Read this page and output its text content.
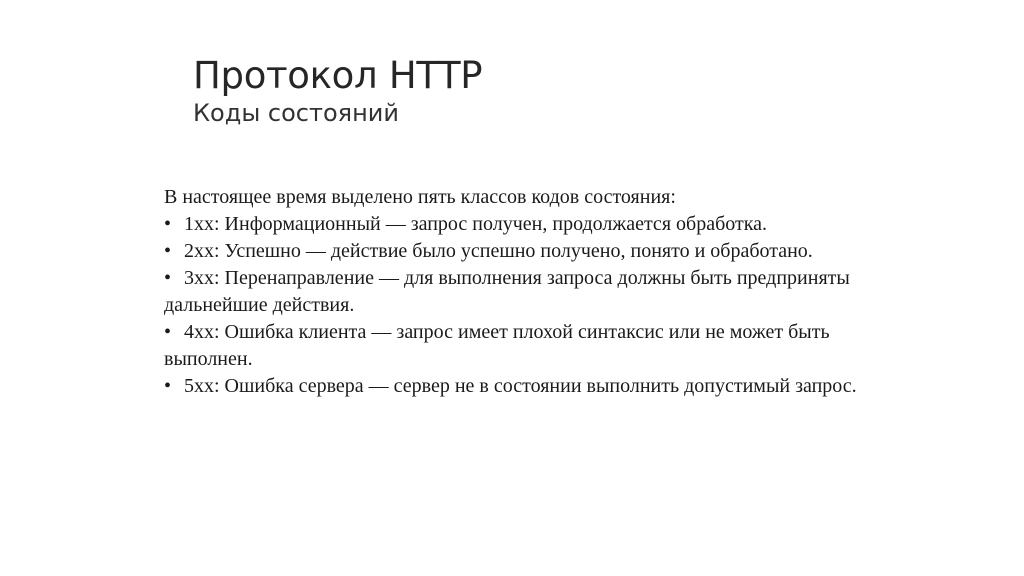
Протокол HTTP
Коды состояний

В настоящее время выделено пять классов кодов состояния:

• 1xx: Информационный — запрос получен, продолжается обработка.
• 2xx: Успешно — действие было успешно получено, понято и обработано.
• 3xx: Перенаправление — для выполнения запроса должны быть предприняты дальнейшие действия.
• 4xx: Ошибка клиента — запрос имеет плохой синтаксис или не может быть выполнен.
• 5xx: Ошибка сервера — сервер не в состоянии выполнить допустимый запрос.
